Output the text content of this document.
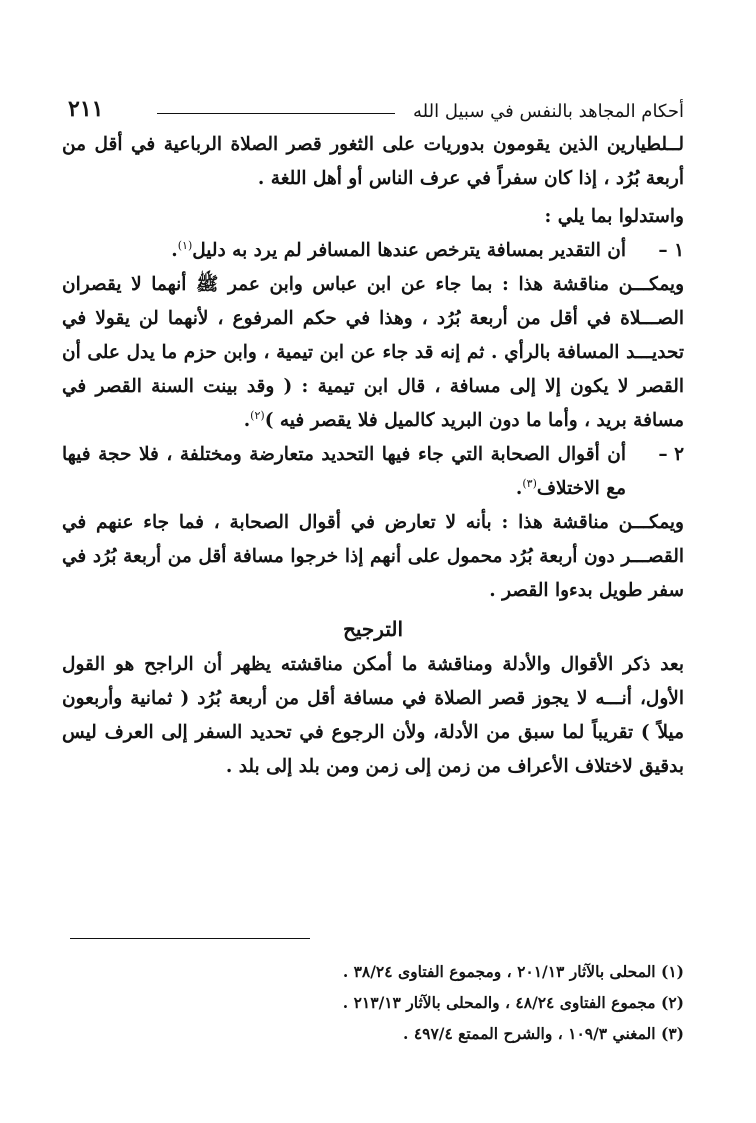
أحكام المجاهد بالنفس في سبيل الله
٢١١

لــلطيارين الذين يقومون بدوريات على الثغور قصر الصلاة الرباعية في أقل من أربعة بُرُد ، إذا كان سفراً في عرف الناس أو أهل اللغة .

واستدلوا بما يلي :

١ –
أن التقدير بمسافة يترخص عندها المسافر لم يرد به دليل$^{(١)}$.

ويمكـــن مناقشة هذا : بما جاء عن ابن عباس وابن عمر ﷺ أنهما لا يقصران الصـــلاة في أقل من أربعة بُرُد ، وهذا في حكم المرفوع ، لأنهما لن يقولا في تحديـــد المسافة بالرأي . ثم إنه قد جاء عن ابن تيمية ، وابن حزم ما يدل على أن القصر لا يكون إلا إلى مسافة ، قال ابن تيمية : ( وقد بينت السنة القصر في مسافة بريد ، وأما ما دون البريد كالميل فلا يقصر فيه )$^{(٢)}$.

٢ –
أن أقوال الصحابة التي جاء فيها التحديد متعارضة ومختلفة ، فلا حجة فيها مع الاختلاف$^{(٣)}$.

ويمكـــن مناقشة هذا : بأنه لا تعارض في أقوال الصحابة ، فما جاء عنهم في القصـــر دون أربعة بُرُد محمول على أنهم إذا خرجوا مسافة أقل من أربعة بُرُد في سفر طويل بدءوا القصر .

الترجيح

بعد ذكر الأقوال والأدلة ومناقشة ما أمكن مناقشته يظهر أن الراجح هو القول الأول، أنـــه لا يجوز قصر الصلاة في مسافة أقل من أربعة بُرُد ( ثمانية وأربعون ميلاً ) تقريباً لما سبق من الأدلة، ولأن الرجوع في تحديد السفر إلى العرف ليس بدقيق لاختلاف الأعراف من زمن إلى زمن ومن بلد إلى بلد .

(١) المحلى بالآثار ٢٠١/١٣ ، ومجموع الفتاوى ٣٨/٢٤ .

(٢) مجموع الفتاوى ٤٨/٢٤ ، والمحلى بالآثار ٢١٣/١٣ .

(٣) المغني ١٠٩/٣ ، والشرح الممتع ٤٩٧/٤ .
